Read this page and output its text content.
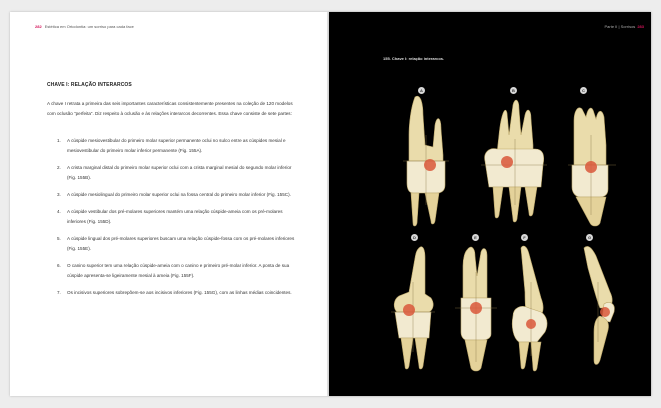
282 Estética em Ortodontia: um sorriso para cada face
CHAVE I: RELAÇÃO INTERARCOS
A chave I retrata a primeira das seis importantes características consistentemente presentes na coleção de 120 modelos com oclusão “perfeita”. Diz respeito à oclusão e às relações interarcos decorrentes. Essa chave consiste de sete partes:
1. A cúspide mesiovestibular do primeiro molar superior permanente oclui no sulco entre as cúspides mesial e mesiovestibular do primeiro molar inferior permanente (Fig. 155A).
2. A crista marginal distal do primeiro molar superior oclui com a crista marginal mesial do segundo molar inferior (Fig. 155B).
3. A cúspide mesiolingual do primeiro molar superior oclui na fossa central do primeiro molar inferior (Fig. 155C).
4. A cúspide vestibular dos pré-molares superiores mantém uma relação cúspide-ameia com os pré-molares inferiores (Fig. 155D).
5. A cúspide lingual dos pré-molares superiores buscam uma relação cúspide-fossa com os pré-molares inferiores (Fig. 155E).
6. O canino superior tem uma relação cúspide-ameia com o canino e primeiro pré-molar inferior. A ponta de sua cúspide apresenta-se ligeiramente mesial à ameia (Fig. 155F).
7. Os incisivos superiores sobrepõem-se aos incisivos inferiores (Fig. 155G), com as linhas médias coincidentes.
Parte II | Sorrisos 283
155. Chave I: relação interarcos.
A	B	C
D	E	F	G
